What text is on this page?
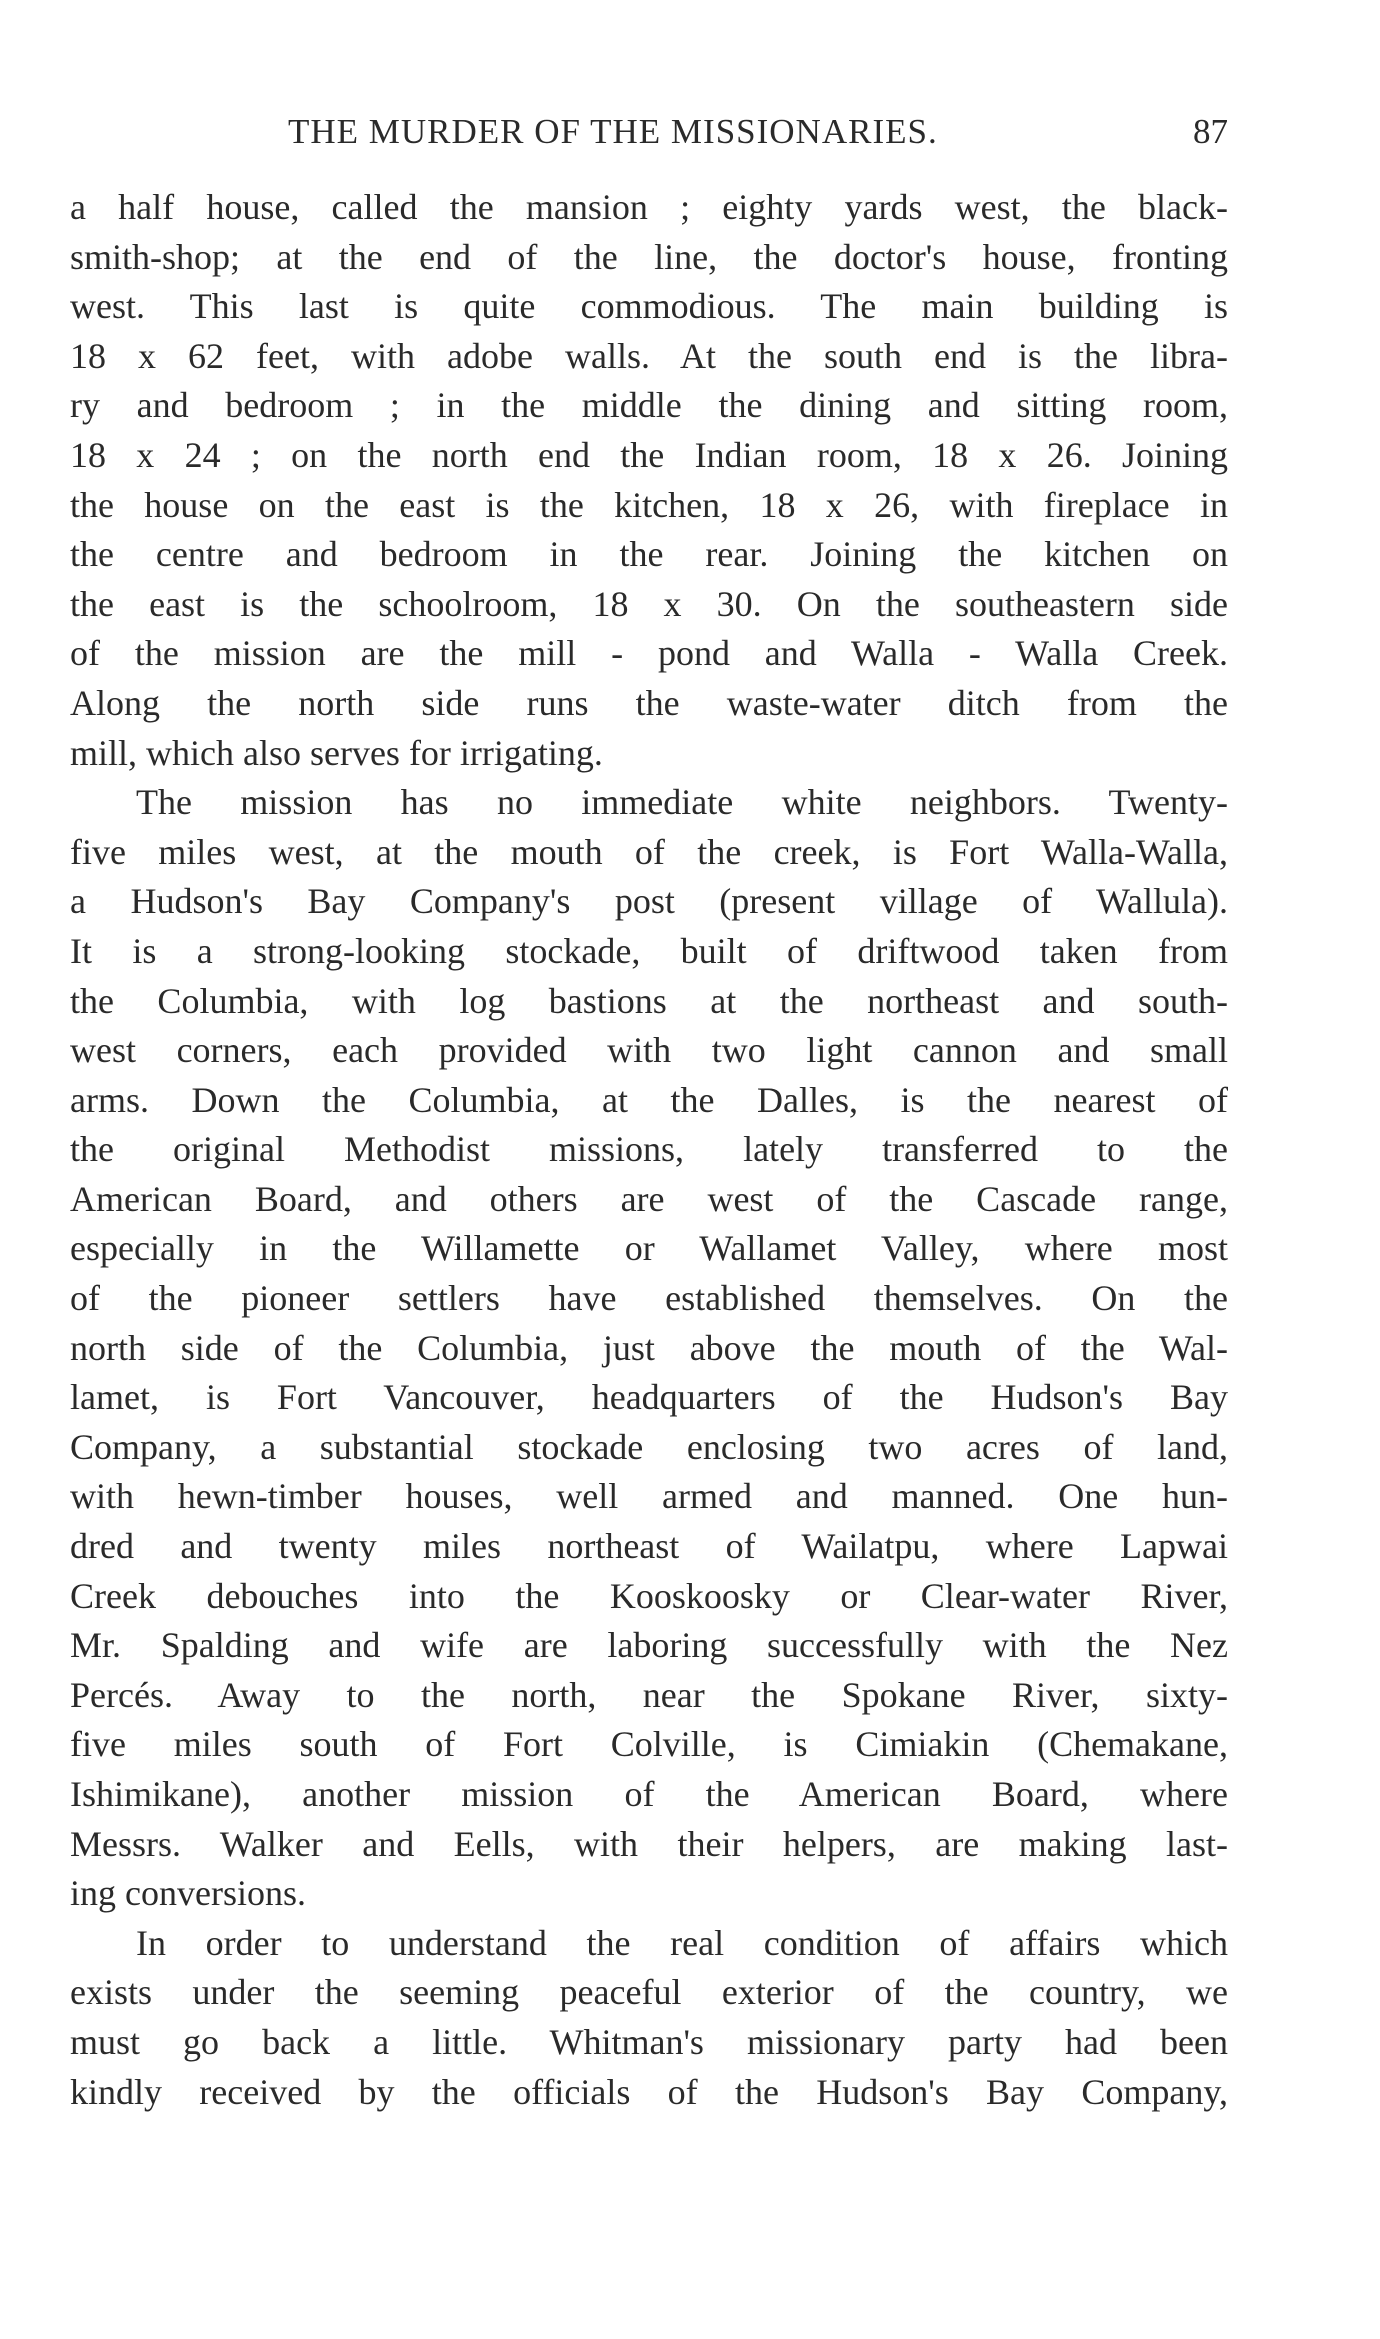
THE MURDER OF THE MISSIONARIES.	87
a half house, called the mansion ; eighty yards west, the black-
smith-shop; at the end of the line, the doctor's house, fronting
west. This last is quite commodious. The main building is
18 x 62 feet, with adobe walls. At the south end is the libra-
ry and bedroom ; in the middle the dining and sitting room,
18 x 24 ; on the north end the Indian room, 18 x 26. Joining
the house on the east is the kitchen, 18 x 26, with fireplace in
the centre and bedroom in the rear. Joining the kitchen on
the east is the schoolroom, 18 x 30. On the southeastern side
of the mission are the mill - pond and Walla - Walla Creek.
Along the north side runs the waste-water ditch from the
mill, which also serves for irrigating.
The mission has no immediate white neighbors. Twenty-
five miles west, at the mouth of the creek, is Fort Walla-Walla,
a Hudson's Bay Company's post (present village of Wallula).
It is a strong-looking stockade, built of driftwood taken from
the Columbia, with log bastions at the northeast and south-
west corners, each provided with two light cannon and small
arms. Down the Columbia, at the Dalles, is the nearest of
the original Methodist missions, lately transferred to the
American Board, and others are west of the Cascade range,
especially in the Willamette or Wallamet Valley, where most
of the pioneer settlers have established themselves. On the
north side of the Columbia, just above the mouth of the Wal-
lamet, is Fort Vancouver, headquarters of the Hudson's Bay
Company, a substantial stockade enclosing two acres of land,
with hewn-timber houses, well armed and manned. One hun-
dred and twenty miles northeast of Wailatpu, where Lapwai
Creek debouches into the Kooskoosky or Clear-water River,
Mr. Spalding and wife are laboring successfully with the Nez
Percés. Away to the north, near the Spokane River, sixty-
five miles south of Fort Colville, is Cimiakin (Chemakane,
Ishimikane), another mission of the American Board, where
Messrs. Walker and Eells, with their helpers, are making last-
ing conversions.
In order to understand the real condition of affairs which
exists under the seeming peaceful exterior of the country, we
must go back a little. Whitman's missionary party had been
kindly received by the officials of the Hudson's Bay Company,
